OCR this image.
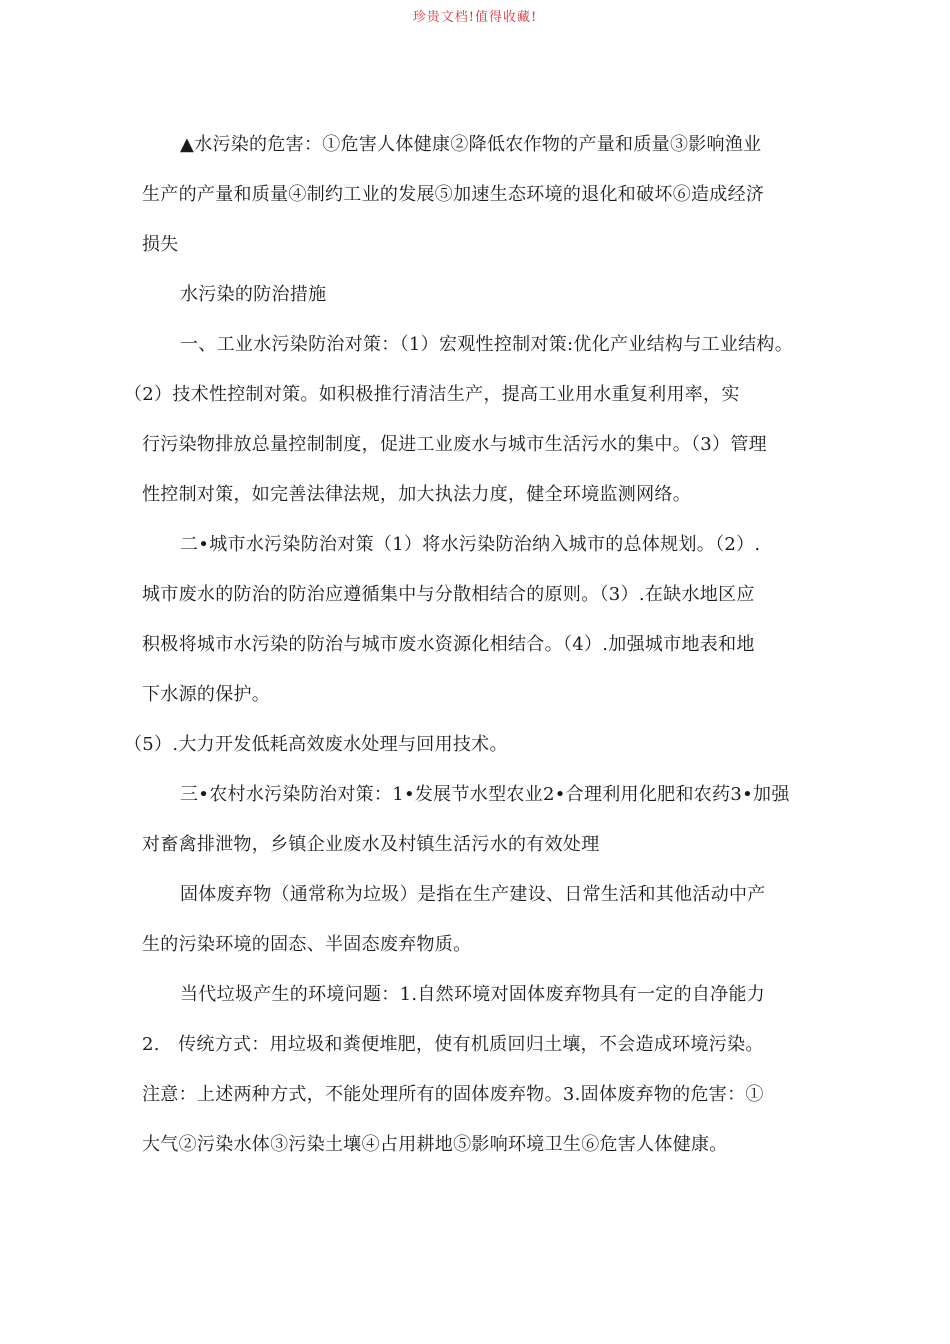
珍贵文档!值得收藏!
▲水污染的危害：①危害人体健康②降低农作物的产量和质量③影响渔业
生产的产量和质量④制约工业的发展⑤加速生态环境的退化和破坏⑥造成经济
损失
水污染的防治措施
一、工业水污染防治对策：（1）宏观性控制对策:优化产业结构与工业结构。
（2）技术性控制对策。如积极推行清洁生产，提高工业用水重复利用率，实
行污染物排放总量控制制度，促进工业废水与城市生活污水的集中。（3）管理
性控制对策，如完善法律法规，加大执法力度，健全环境监测网络。
二•城市水污染防治对策（1）将水污染防治纳入城市的总体规划。（2）.
城市废水的防治的防治应遵循集中与分散相结合的原则。（3）.在缺水地区应
积极将城市水污染的防治与城市废水资源化相结合。（4）.加强城市地表和地
下水源的保护。
（5）.大力开发低耗高效废水处理与回用技术。
三•农村水污染防治对策：1•发展节水型农业2•合理利用化肥和农药3•加强
对畜禽排泄物，乡镇企业废水及村镇生活污水的有效处理
固体废弃物（通常称为垃圾）是指在生产建设、日常生活和其他活动中产
生的污染环境的固态、半固态废弃物质。
当代垃圾产生的环境问题：1.自然环境对固体废弃物具有一定的自净能力
2.　传统方式：用垃圾和粪便堆肥，使有机质回归土壤，不会造成环境污染。
注意：上述两种方式，不能处理所有的固体废弃物。3.固体废弃物的危害：①
大气②污染水体③污染土壤④占用耕地⑤影响环境卫生⑥危害人体健康。
